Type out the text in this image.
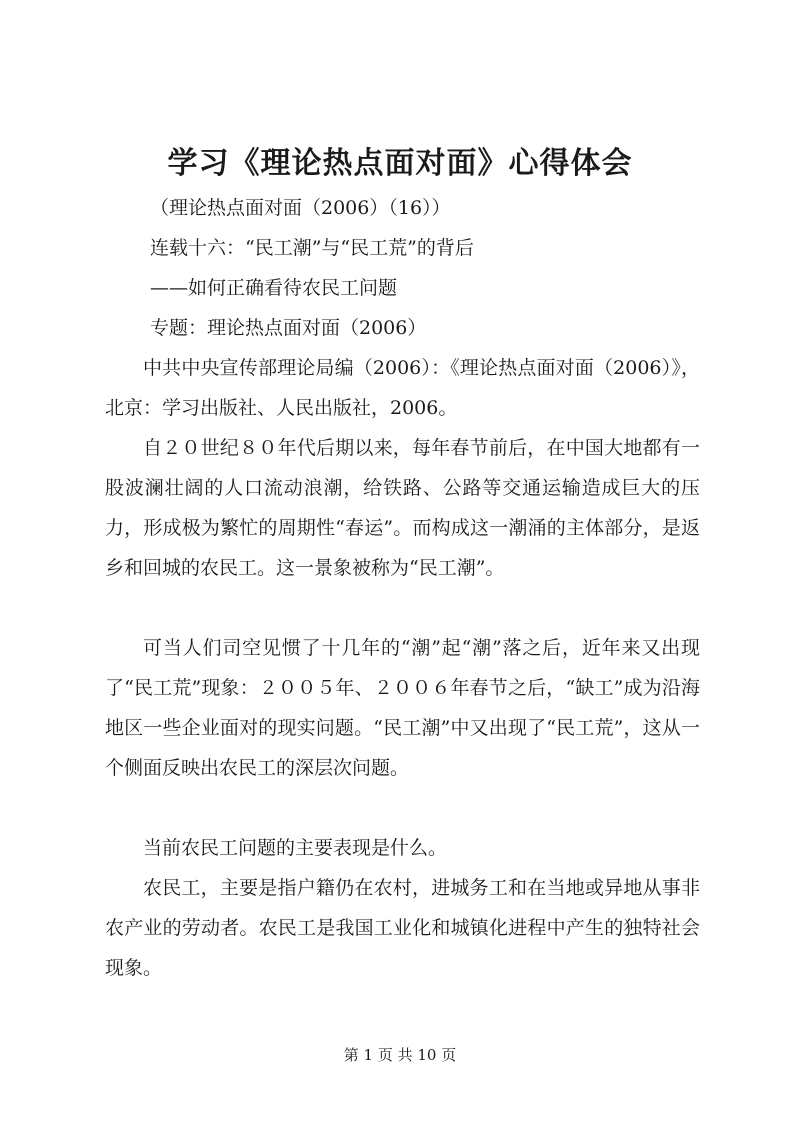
学习《理论热点面对面》心得体会
（理论热点面对面（2006）（16））
连载十六：“民工潮”与“民工荒”的背后
——如何正确看待农民工问题
专题：理论热点面对面（2006）
中共中央宣传部理论局编（2006）：《理论热点面对面（2006）》，北京：学习出版社、人民出版社，2006。
自２０世纪８０年代后期以来，每年春节前后，在中国大地都有一股波澜壮阔的人口流动浪潮，给铁路、公路等交通运输造成巨大的压力，形成极为繁忙的周期性“春运”。而构成这一潮涌的主体部分，是返乡和回城的农民工。这一景象被称为“民工潮”。
可当人们司空见惯了十几年的“潮”起“潮”落之后，近年来又出现了“民工荒”现象：２００５年、２００６年春节之后，“缺工”成为沿海地区一些企业面对的现实问题。“民工潮”中又出现了“民工荒”，这从一个侧面反映出农民工的深层次问题。
当前农民工问题的主要表现是什么。
农民工，主要是指户籍仍在农村，进城务工和在当地或异地从事非农产业的劳动者。农民工是我国工业化和城镇化进程中产生的独特社会现象。
第 1 页 共 10 页
